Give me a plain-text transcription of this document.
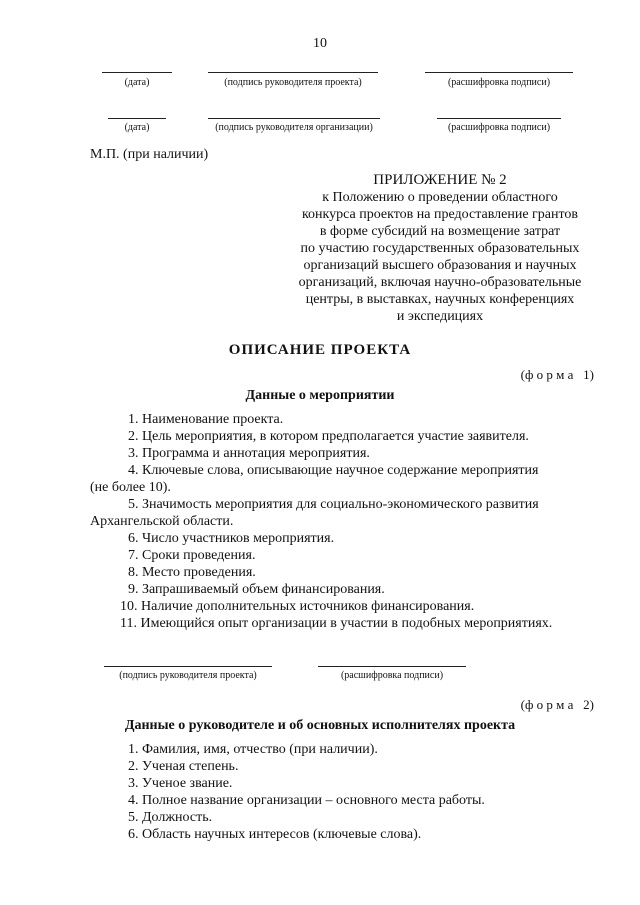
10
(дата)	(подпись руководителя проекта)	(расшифровка подписи)
(дата)	(подпись руководителя организации)	(расшифровка подписи)
М.П. (при наличии)
ПРИЛОЖЕНИЕ № 2
к Положению о проведении областного
конкурса проектов на предоставление грантов
в форме субсидий на возмещение затрат
по участию государственных образовательных
организаций высшего образования и научных
организаций, включая научно-образовательные
центры, в выставках, научных конференциях
и экспедициях
ОПИСАНИЕ ПРОЕКТА
(ф о р м а   1)
Данные о мероприятии
1. Наименование проекта.
2. Цель мероприятия, в котором предполагается участие заявителя.
3. Программа и аннотация мероприятия.
4. Ключевые слова, описывающие научное содержание мероприятия
(не более 10).
5. Значимость мероприятия для социально-экономического развития
Архангельской области.
6. Число участников мероприятия.
7. Сроки проведения.
8. Место проведения.
9. Запрашиваемый объем финансирования.
10. Наличие дополнительных источников финансирования.
11. Имеющийся опыт организации в участии в подобных мероприятиях.
(подпись руководителя проекта)	(расшифровка подписи)
(ф о р м а   2)
Данные о руководителе и об основных исполнителях проекта
1. Фамилия, имя, отчество (при наличии).
2. Ученая степень.
3. Ученое звание.
4. Полное название организации – основного места работы.
5. Должность.
6. Область научных интересов (ключевые слова).
